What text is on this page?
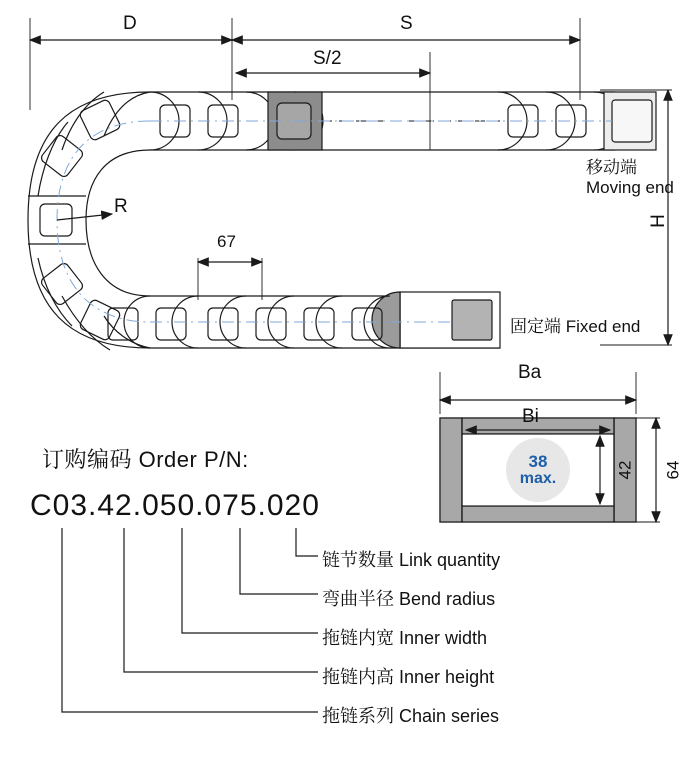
D	S
S/2
R
67
H
移动端
Moving end
固定端 Fixed end
Ba
Bi
42 64
38
max.
订购编码 Order P/N:
C03.42.050.075.020
链节数量 Link quantity
弯曲半径 Bend radius
拖链内宽 Inner width
拖链内高 Inner height
拖链系列 Chain series
